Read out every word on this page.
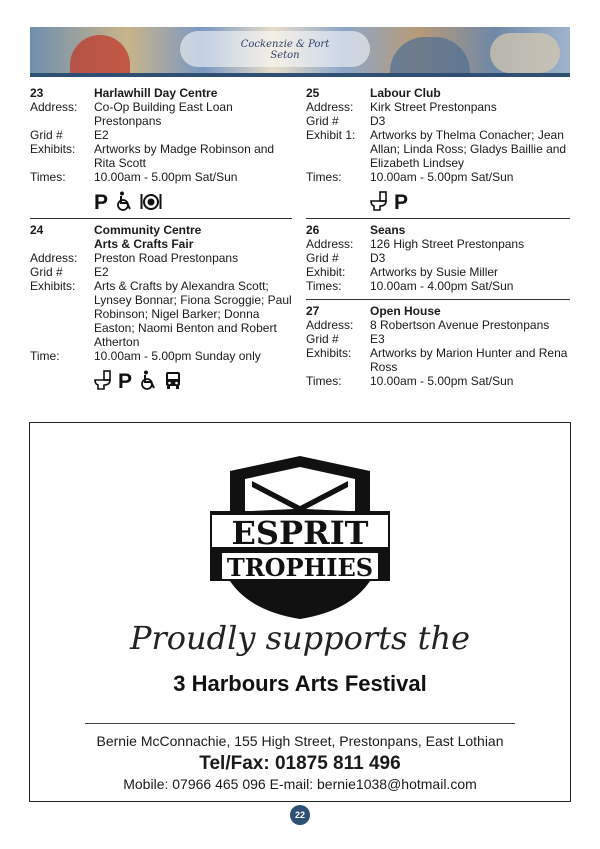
Cockenzie & Port Seton
23	Harlawhill Day Centre
Address:	Co-Op Building East Loan Prestonpans
Grid #	E2
Exhibits:	Artworks by Madge Robinson and Rita Scott
Times:	10.00am - 5.00pm Sat/Sun
P
24	Community Centre
Arts & Crafts Fair
Address:	Preston Road Prestonpans
Grid #	E2
Exhibits:	Arts & Crafts by Alexandra Scott; Lynsey Bonnar; Fiona Scroggie; Paul Robinson; Nigel Barker; Donna Easton; Naomi Benton and Robert Atherton
Time:	10.00am - 5.00pm Sunday only
P
25	Labour Club
Address:	Kirk Street Prestonpans
Grid #	D3
Exhibit 1:	Artworks by Thelma Conacher; Jean Allan; Linda Ross; Gladys Baillie and Elizabeth Lindsey
Times:	10.00am - 5.00pm Sat/Sun
P
26	Seans
Address:	126 High Street Prestonpans
Grid #	D3
Exhibit:	Artworks by Susie Miller
Times:	10.00am - 4.00pm Sat/Sun
27	Open House
Address:	8 Robertson Avenue Prestonpans
Grid #	E3
Exhibits:	Artworks by Marion Hunter and Rena Ross
Times:	10.00am - 5.00pm Sat/Sun
ESPRIT
TROPHIES
Proudly supports the
3 Harbours Arts Festival
Bernie McConnachie, 155 High Street, Prestonpans, East Lothian
Tel/Fax: 01875 811 496
Mobile: 07966 465 096 E-mail: bernie1038@hotmail.com
22
